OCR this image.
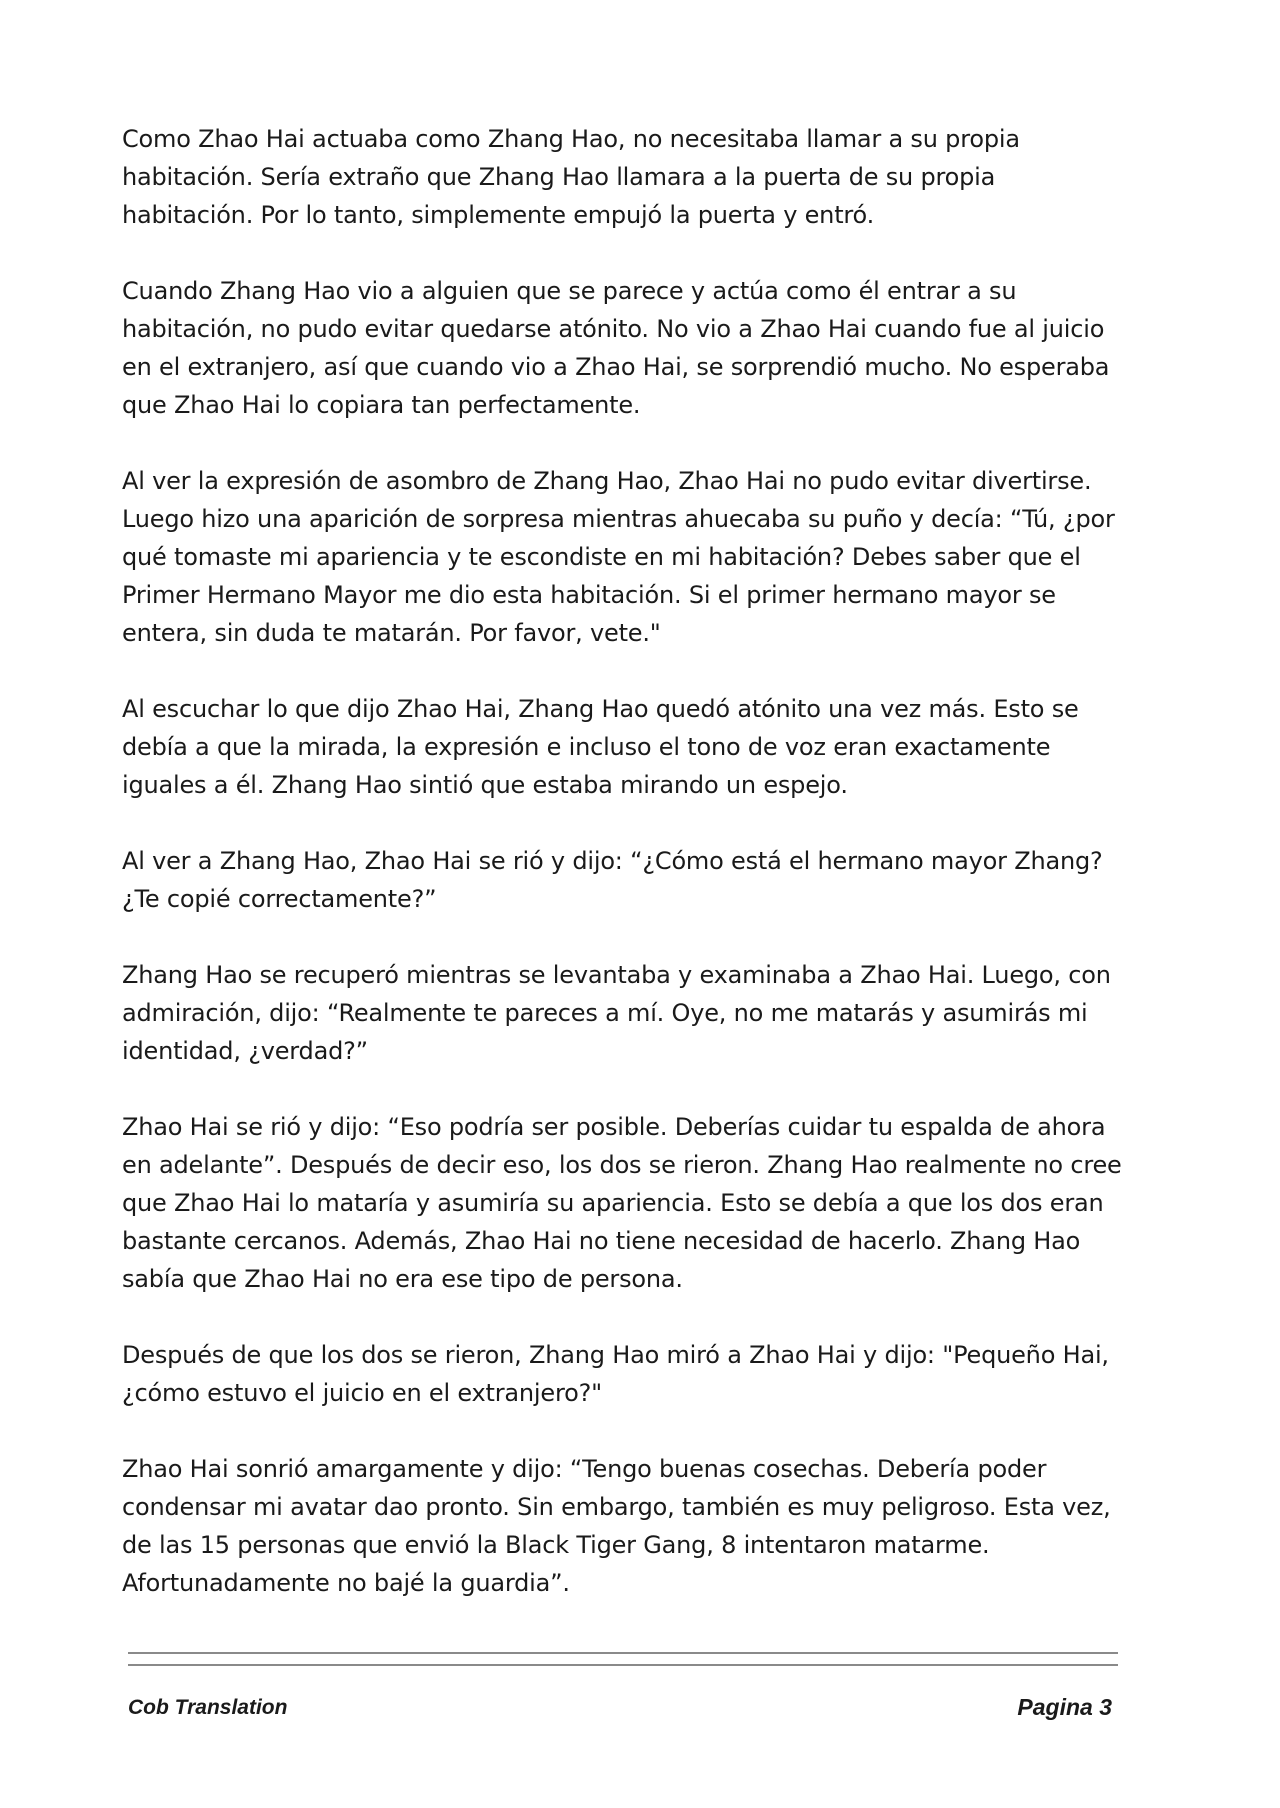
Como Zhao Hai actuaba como Zhang Hao, no necesitaba llamar a su propia habitación. Sería extraño que Zhang Hao llamara a la puerta de su propia habitación. Por lo tanto, simplemente empujó la puerta y entró.

Cuando Zhang Hao vio a alguien que se parece y actúa como él entrar a su habitación, no pudo evitar quedarse atónito. No vio a Zhao Hai cuando fue al juicio en el extranjero, así que cuando vio a Zhao Hai, se sorprendió mucho. No esperaba que Zhao Hai lo copiara tan perfectamente.

Al ver la expresión de asombro de Zhang Hao, Zhao Hai no pudo evitar divertirse. Luego hizo una aparición de sorpresa mientras ahuecaba su puño y decía: “Tú, ¿por qué tomaste mi apariencia y te escondiste en mi habitación? Debes saber que el Primer Hermano Mayor me dio esta habitación. Si el primer hermano mayor se entera, sin duda te matarán. Por favor, vete."

Al escuchar lo que dijo Zhao Hai, Zhang Hao quedó atónito una vez más. Esto se debía a que la mirada, la expresión e incluso el tono de voz eran exactamente iguales a él. Zhang Hao sintió que estaba mirando un espejo.

Al ver a Zhang Hao, Zhao Hai se rió y dijo: “¿Cómo está el hermano mayor Zhang? ¿Te copié correctamente?”

Zhang Hao se recuperó mientras se levantaba y examinaba a Zhao Hai. Luego, con admiración, dijo: “Realmente te pareces a mí. Oye, no me matarás y asumirás mi identidad, ¿verdad?”

Zhao Hai se rió y dijo: “Eso podría ser posible. Deberías cuidar tu espalda de ahora en adelante”. Después de decir eso, los dos se rieron. Zhang Hao realmente no cree que Zhao Hai lo mataría y asumiría su apariencia. Esto se debía a que los dos eran bastante cercanos. Además, Zhao Hai no tiene necesidad de hacerlo. Zhang Hao sabía que Zhao Hai no era ese tipo de persona.

Después de que los dos se rieron, Zhang Hao miró a Zhao Hai y dijo: "Pequeño Hai, ¿cómo estuvo el juicio en el extranjero?"

Zhao Hai sonrió amargamente y dijo: “Tengo buenas cosechas. Debería poder condensar mi avatar dao pronto. Sin embargo, también es muy peligroso. Esta vez, de las 15 personas que envió la Black Tiger Gang, 8 intentaron matarme. Afortunadamente no bajé la guardia”.

Cob Translation	Pagina 3
